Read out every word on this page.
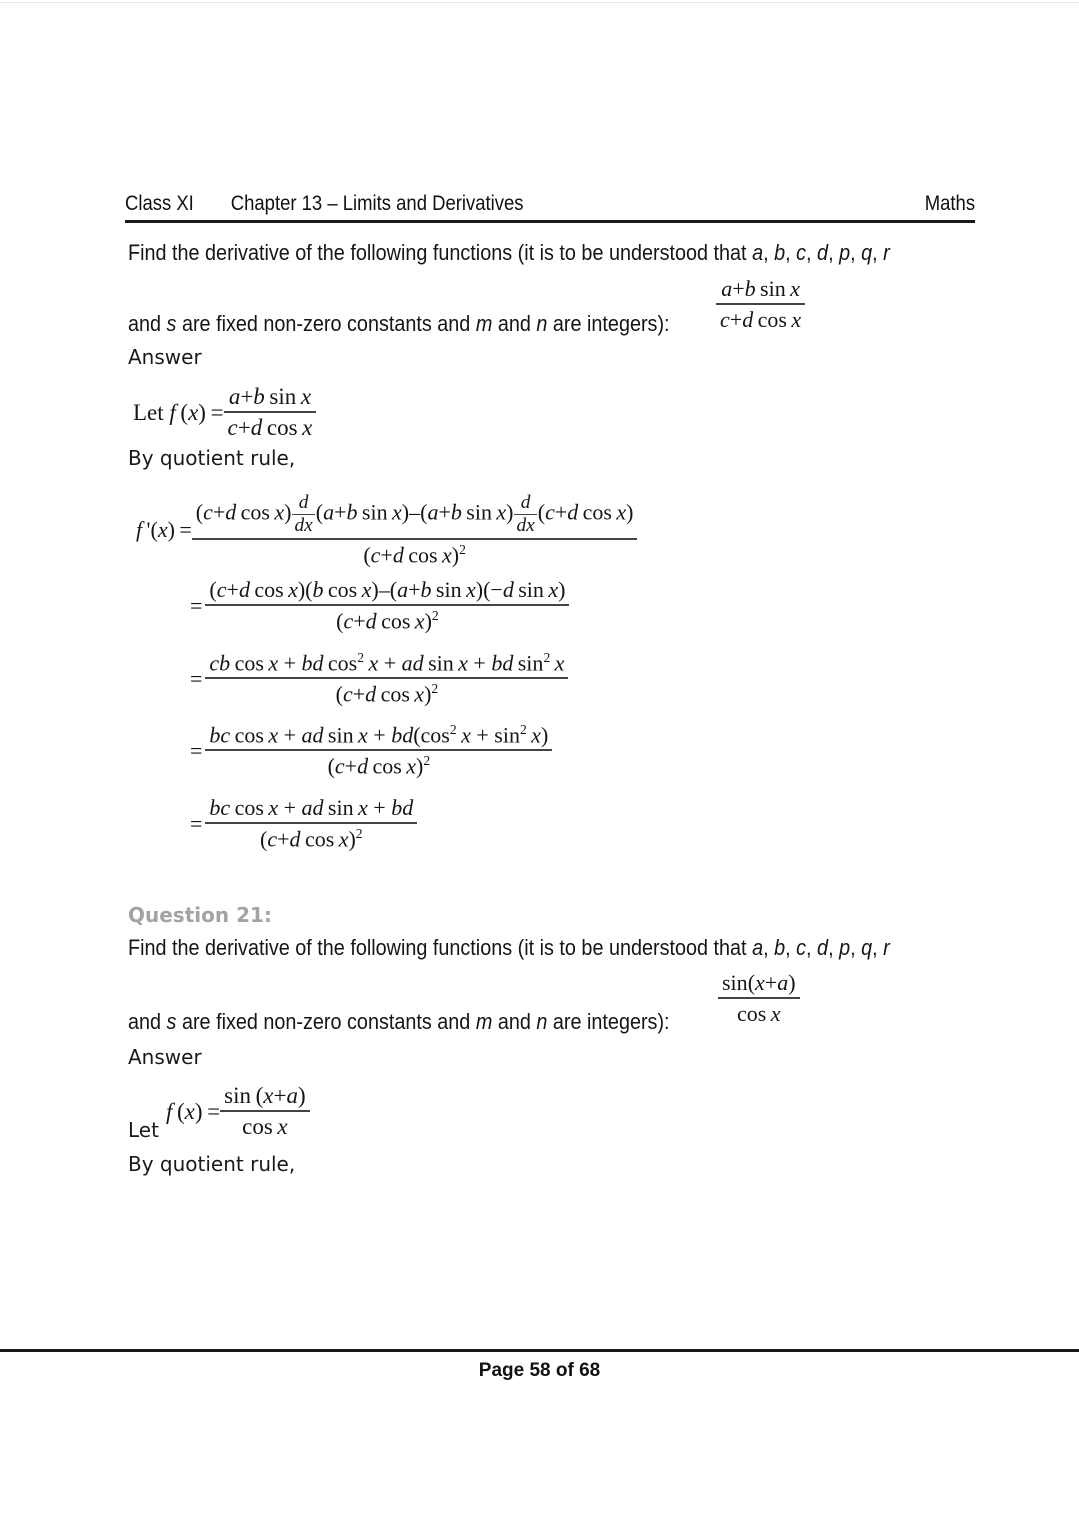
Class XI Chapter 13 – Limits and Derivatives	Maths
Find the derivative of the following functions (it is to be understood that a, b, c, d, p, q, r
and s are fixed non-zero constants and m and n are integers): $\frac{\text{a+b  sin  x}}{\text{c+d  cos  x}}$
Answer
Let f  $(x) = \frac{\text{a+b  sin  x}}{\text{c+d  cos  x}}$
By quotient rule,
f '$(x) = \frac{(c+d \cos x) \frac{d}{dx} (a+b \sin x)-(a+b \sin x) \frac{d}{dx} (c+d \cos x)}{(c+d \cos x)^2}$
= $\frac{\text{(c+d  cos  x)(b  cos  x)–(a+b  sin  x)(−d  sin  x)}}{(c+d \cos x)^2}$
= $\frac{cb \cos x + bd \cos^2 x + ad \sin x + bd \sin^2 x}{(c+d \cos x)^2}$
= $\frac{bc \cos x + ad \sin x + bd(\cos^2 x + \sin^2 x)}{(c+d \cos x)^2}$
= $\frac{\text{bc  cos  x + ad  sin  x + bd}}{(c+d \cos x)^2}$
Question 21:
Find the derivative of the following functions (it is to be understood that a, b, c, d, p, q, r
and s are fixed non-zero constants and m and n are integers): $\frac{\sin(x+a)}{\text{cos  x}}$
Answer
Let
f  $(x) = \frac{\sin (x+a)}{\text{cos  x}}$
By quotient rule,
Page 58 of 68
